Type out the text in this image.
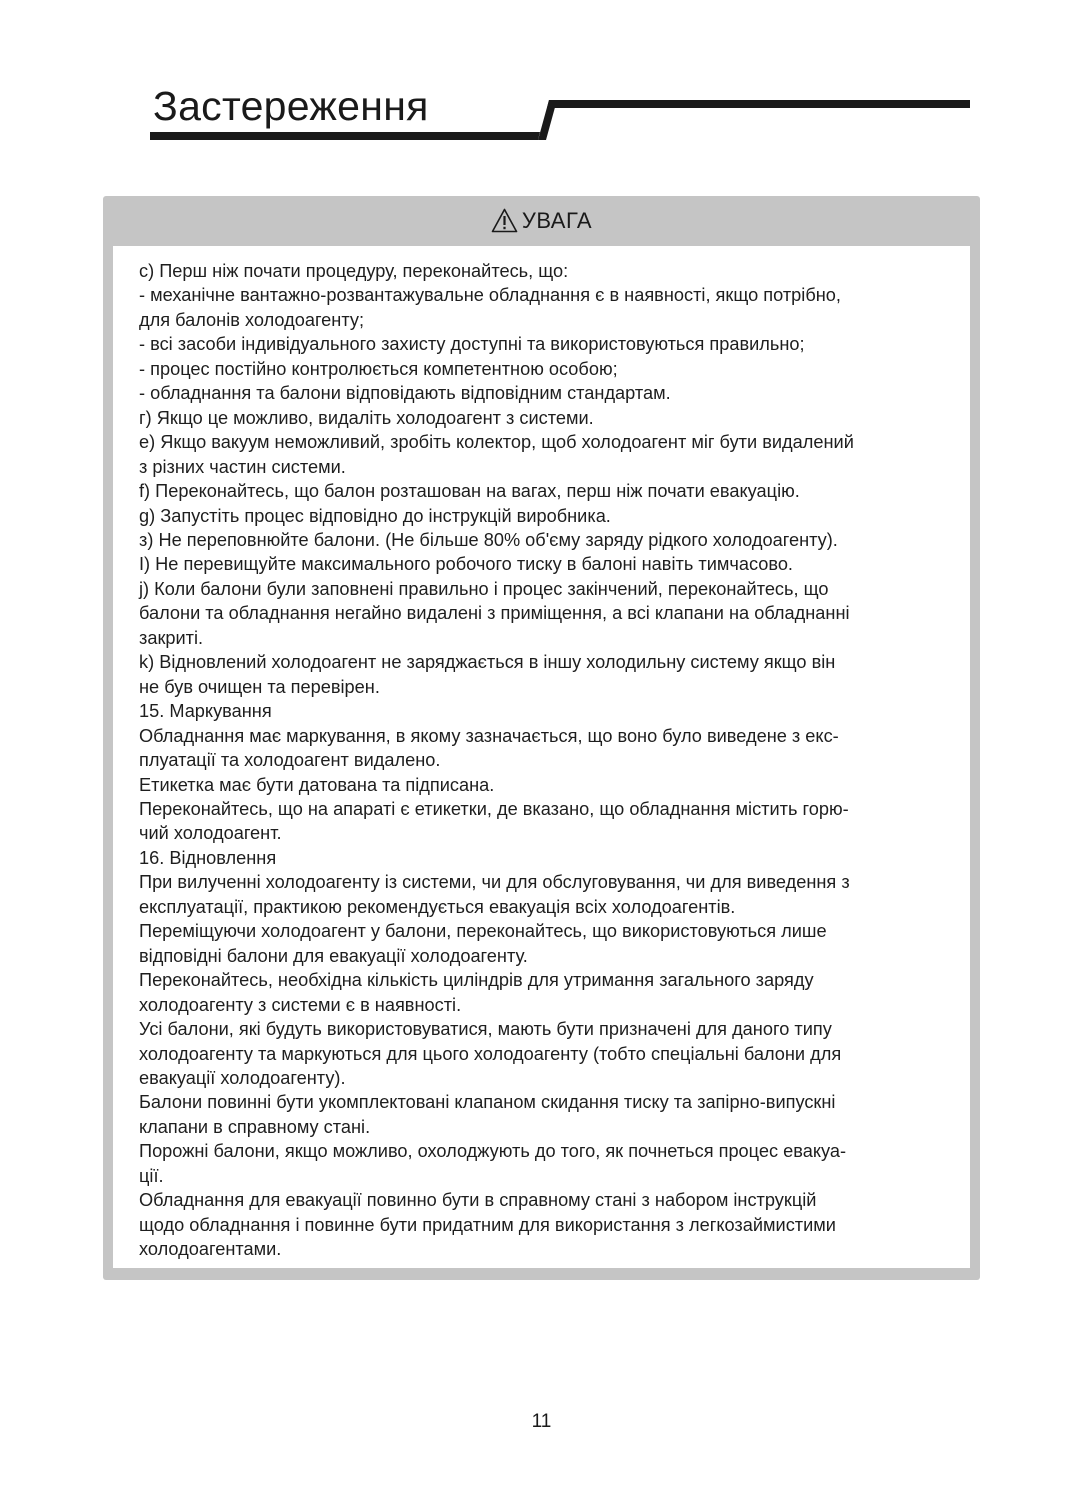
Застереження
УВАГА
с) Перш ніж почати процедуру, переконайтесь, що:
- механічне вантажно-розвантажувальне обладнання є в наявності, якщо потрібно,
для балонів холодоагенту;
- всі засоби індивідуального захисту доступні та використовуються правильно;
- процес постійно контролюється компетентною особою;
- обладнання та балони відповідають відповідним стандартам.
г) Якщо це можливо, видаліть холодоагент з системи.
е) Якщо вакуум неможливий, зробіть колектор, щоб холодоагент міг бути видалений
з різних частин системи.
f) Переконайтесь, що балон розташован на вагах, перш ніж почати евакуацію.
g) Запустіть процес відповідно до інструкцій виробника.
з) Не переповнюйте балони. (Не більше 80% об'єму заряду рідкого холодоагенту).
I) Не перевищуйте максимального робочого тиску в балоні навіть тимчасово.
j) Коли балони були заповнені правильно і процес закінчений, переконайтесь, що
балони та обладнання негайно видалені з приміщення, а всі клапани на обладнанні
закриті.
k) Відновлений холодоагент не заряджається в іншу холодильну систему якщо він
не був очищен та перевірен.
15. Маркування
Обладнання має маркування, в якому зазначається, що воно було виведене з екс-
плуатації та холодоагент видалено.
Етикетка має бути датована та підписана.
Переконайтесь, що на апараті є етикетки, де вказано, що обладнання містить горю-
чий холодоагент.
16. Відновлення
При вилученні холодоагенту із системи, чи для обслуговування, чи для виведення з
експлуатації, практикою рекомендується евакуація всіх холодоагентів.
Переміщуючи холодоагент у балони, переконайтесь, що використовуються лише
відповідні балони для евакуації холодоагенту.
Переконайтесь, необхідна кількість циліндрів для утримання загального заряду
холодоагенту з системи є в наявності.
Усі балони, які будуть використовуватися, мають бути призначені для даного типу
холодоагенту та маркуються для цього холодоагенту (тобто спеціальні балони для
евакуації холодоагенту).
Балони повинні бути укомплектовані клапаном скидання тиску та запірно-випускні
клапани в справному стані.
Порожні балони, якщо можливо, охолоджують до того, як почнеться процес евакуа-
ції.
Обладнання для евакуації повинно бути в справному стані з набором інструкцій
щодо обладнання і повинне бути придатним для використання з легкозаймистими
холодоагентами.
11
